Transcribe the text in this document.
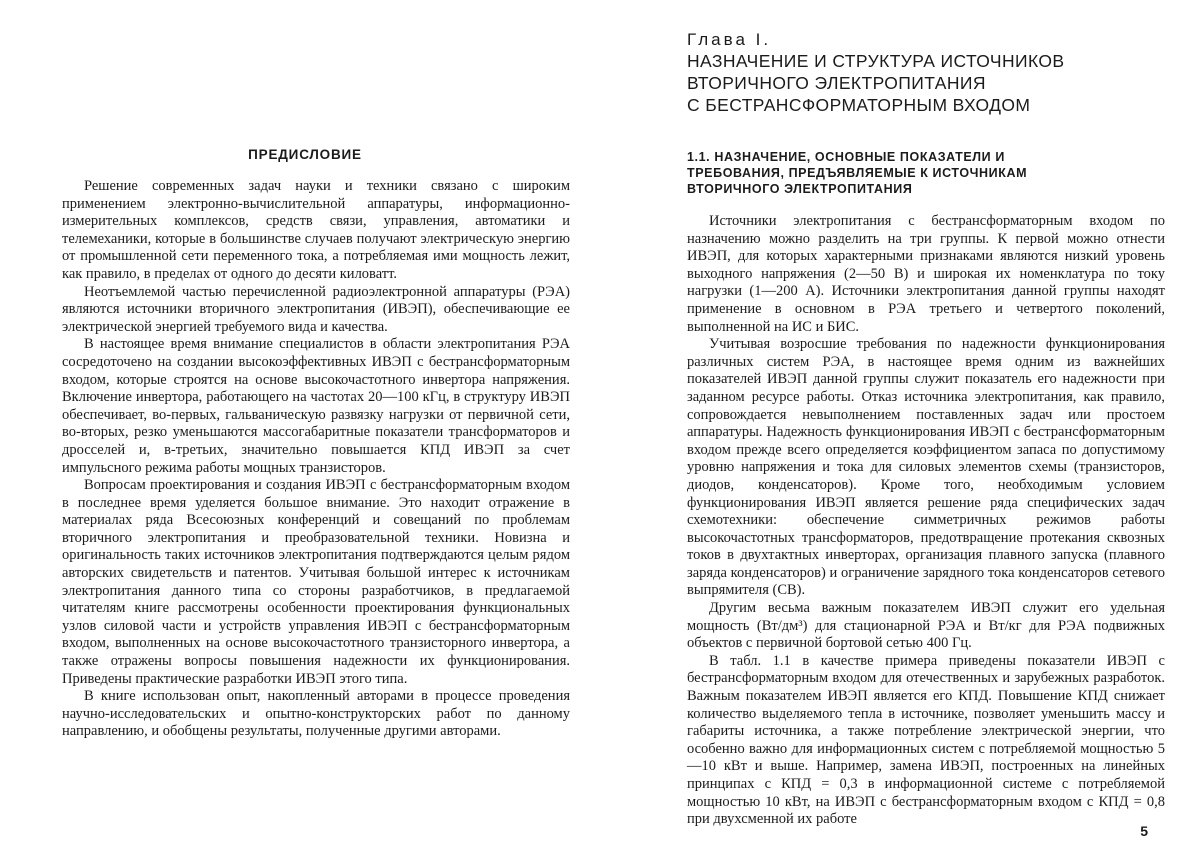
ПРЕДИСЛОВИЕ

Решение современных задач науки и техники связано с широким применением электронно-вычислительной аппаратуры, информационно-измерительных комплексов, средств связи, управления, автоматики и телемеханики, которые в большинстве случаев получают электрическую энергию от промышленной сети переменного тока, а потребляемая ими мощность лежит, как правило, в пределах от одного до десяти киловатт.

Неотъемлемой частью перечисленной радиоэлектронной аппаратуры (РЭА) являются источники вторичного электропитания (ИВЭП), обеспечивающие ее электрической энергией требуемого вида и качества.

В настоящее время внимание специалистов в области электропитания РЭА сосредоточено на создании высокоэффективных ИВЭП с бестрансформаторным входом, которые строятся на основе высокочастотного инвертора напряжения. Включение инвертора, работающего на частотах 20—100 кГц, в структуру ИВЭП обеспечивает, во-первых, гальваническую развязку нагрузки от первичной сети, во-вторых, резко уменьшаются массогабаритные показатели трансформаторов и дросселей и, в-третьих, значительно повышается КПД ИВЭП за счет импульсного режима работы мощных транзисторов.

Вопросам проектирования и создания ИВЭП с бестрансформаторным входом в последнее время уделяется большое внимание. Это находит отражение в материалах ряда Всесоюзных конференций и совещаний по проблемам вторичного электропитания и преобразовательной техники. Новизна и оригинальность таких источников электропитания подтверждаются целым рядом авторских свидетельств и патентов. Учитывая большой интерес к источникам электропитания данного типа со стороны разработчиков, в предлагаемой читателям книге рассмотрены особенности проектирования функциональных узлов силовой части и устройств управления ИВЭП с бестрансформаторным входом, выполненных на основе высокочастотного транзисторного инвертора, а также отражены вопросы повышения надежности их функционирования. Приведены практические разработки ИВЭП этого типа.

В книге использован опыт, накопленный авторами в процессе проведения научно-исследовательских и опытно-конструкторских работ по данному направлению, и обобщены результаты, полученные другими авторами.

Глава I.
НАЗНАЧЕНИЕ И СТРУКТУРА ИСТОЧНИКОВ
ВТОРИЧНОГО ЭЛЕКТРОПИТАНИЯ
С БЕСТРАНСФОРМАТОРНЫМ ВХОДОМ
1.1. НАЗНАЧЕНИЕ, ОСНОВНЫЕ ПОКАЗАТЕЛИ И
ТРЕБОВАНИЯ, ПРЕДЪЯВЛЯЕМЫЕ К ИСТОЧНИКАМ
ВТОРИЧНОГО ЭЛЕКТРОПИТАНИЯ

Источники электропитания с бестрансформаторным входом по назначению можно разделить на три группы. К первой можно отнести ИВЭП, для которых характерными признаками являются низкий уровень выходного напряжения (2—50 В) и широкая их номенклатура по току нагрузки (1—200 А). Источники электропитания данной группы находят применение в основном в РЭА третьего и четвертого поколений, выполненной на ИС и БИС.

Учитывая возросшие требования по надежности функционирования различных систем РЭА, в настоящее время одним из важнейших показателей ИВЭП данной группы служит показатель его надежности при заданном ресурсе работы. Отказ источника электропитания, как правило, сопровождается невыполнением поставленных задач или простоем аппаратуры. Надежность функционирования ИВЭП с бестрансформаторным входом прежде всего определяется коэффициентом запаса по допустимому уровню напряжения и тока для силовых элементов схемы (транзисторов, диодов, конденсаторов). Кроме того, необходимым условием функционирования ИВЭП является решение ряда специфических задач схемотехники: обеспечение симметричных режимов работы высокочастотных трансформаторов, предотвращение протекания сквозных токов в двухтактных инверторах, организация плавного запуска (плавного заряда конденсаторов) и ограничение зарядного тока конденсаторов сетевого выпрямителя (СВ).

Другим весьма важным показателем ИВЭП служит его удельная мощность (Вт/дм³) для стационарной РЭА и Вт/кг для РЭА подвижных объектов с первичной бортовой сетью 400 Гц.

В табл. 1.1 в качестве примера приведены показатели ИВЭП с бестрансформаторным входом для отечественных и зарубежных разработок. Важным показателем ИВЭП является его КПД. Повышение КПД снижает количество выделяемого тепла в источнике, позволяет уменьшить массу и габариты источника, а также потребление электрической энергии, что особенно важно для информационных систем с потребляемой мощностью 5—10 кВт и выше. Например, замена ИВЭП, построенных на линейных принципах с КПД = 0,3 в информационной системе с потребляемой мощностью 10 кВт, на ИВЭП с бестрансформаторным входом с КПД = 0,8 при двухсменной их работе

5
